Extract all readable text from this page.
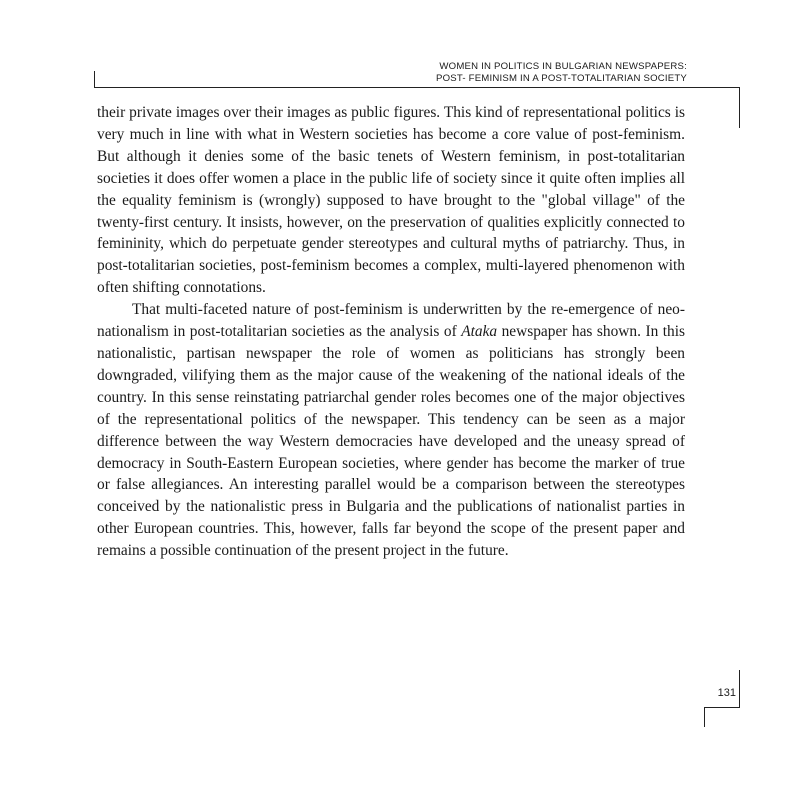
WOMEN IN POLITICS IN BULGARIAN NEWSPAPERS:
POST- FEMINISM IN A POST-TOTALITARIAN SOCIETY

their private images over their images as public figures. This kind of representational politics is very much in line with what in Western societies has become a core value of post-feminism. But although it denies some of the basic tenets of Western feminism, in post-totalitarian societies it does offer women a place in the public life of society since it quite often implies all the equality feminism is (wrongly) supposed to have brought to the "global village" of the twenty-first century. It insists, however, on the preservation of qualities explicitly connected to femininity, which do perpetuate gender stereotypes and cultural myths of patriarchy. Thus, in post-totalitarian societies, post-feminism becomes a complex, multi-layered phenomenon with often shifting connotations.

That multi-faceted nature of post-feminism is underwritten by the re-emergence of neo-nationalism in post-totalitarian societies as the analysis of Ataka newspaper has shown. In this nationalistic, partisan newspaper the role of women as politicians has strongly been downgraded, vilifying them as the major cause of the weakening of the national ideals of the country. In this sense reinstating patriarchal gender roles becomes one of the major objectives of the representational politics of the newspaper. This tendency can be seen as a major difference between the way Western democracies have developed and the uneasy spread of democracy in South-Eastern European societies, where gender has become the marker of true or false allegiances. An interesting parallel would be a comparison between the stereotypes conceived by the nationalistic press in Bulgaria and the publications of nationalist parties in other European countries. This, however, falls far beyond the scope of the present paper and remains a possible continuation of the present project in the future.

131
